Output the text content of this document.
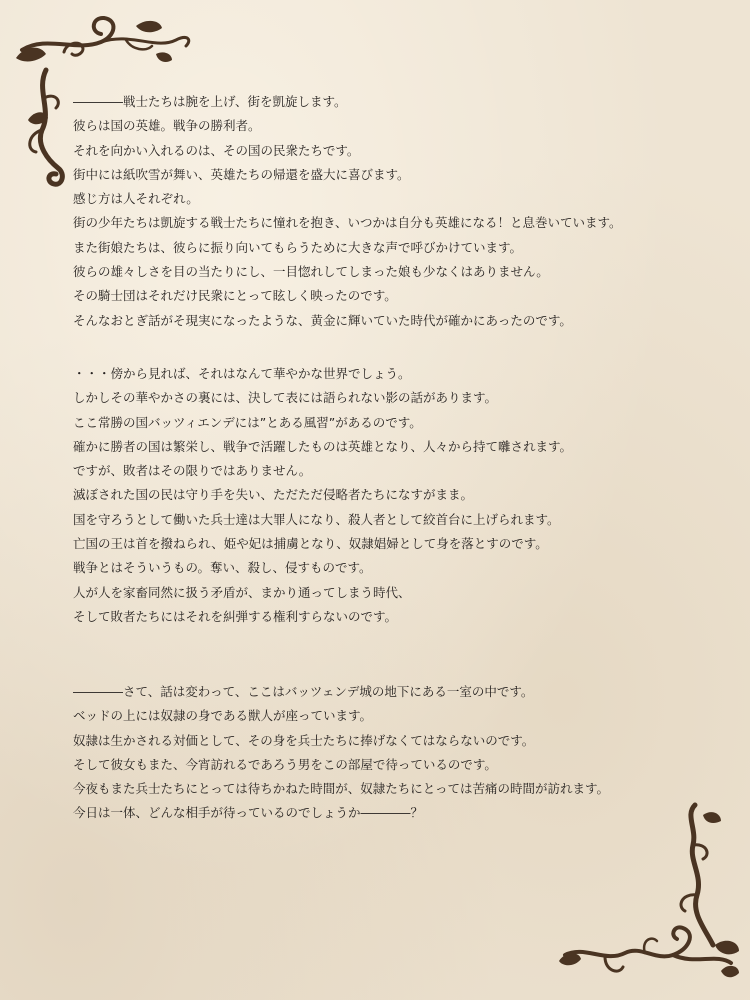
――――戦士たちは腕を上げ、街を凱旋します。
彼らは国の英雄。戦争の勝利者。
それを向かい入れるのは、その国の民衆たちです。
街中には紙吹雪が舞い、英雄たちの帰還を盛大に喜びます。
感じ方は人それぞれ。
街の少年たちは凱旋する戦士たちに憧れを抱き、いつかは自分も英雄になる！と息巻いています。
また街娘たちは、彼らに振り向いてもらうために大きな声で呼びかけています。
彼らの雄々しさを目の当たりにし、一目惚れしてしまった娘も少なくはありません。
その騎士団はそれだけ民衆にとって眩しく映ったのです。
そんなおとぎ話がそ現実になったような、黄金に輝いていた時代が確かにあったのです。
・・・傍から見れば、それはなんて華やかな世界でしょう。
しかしその華やかさの裏には、決して表には語られない影の話があります。
ここ常勝の国バッツィエンデには”とある風習”があるのです。
確かに勝者の国は繁栄し、戦争で活躍したものは英雄となり、人々から持て囃されます。
ですが、敗者はその限りではありません。
滅ぼされた国の民は守り手を失い、ただただ侵略者たちになすがまま。
国を守ろうとして働いた兵士達は大罪人になり、殺人者として絞首台に上げられます。
亡国の王は首を撥ねられ、姫や妃は捕虜となり、奴隷娼婦として身を落とすのです。
戦争とはそういうもの。奪い、殺し、侵すものです。
人が人を家畜同然に扱う矛盾が、まかり通ってしまう時代、
そして敗者たちにはそれを糾弾する権利すらないのです。
――――さて、話は変わって、ここはバッツェンデ城の地下にある一室の中です。
ベッドの上には奴隷の身である獣人が座っています。
奴隷は生かされる対価として、その身を兵士たちに捧げなくてはならないのです。
そして彼女もまた、今宵訪れるであろう男をこの部屋で待っているのです。
今夜もまた兵士たちにとっては待ちかねた時間が、奴隷たちにとっては苦痛の時間が訪れます。
今日は一体、どんな相手が待っているのでしょうか――――？
